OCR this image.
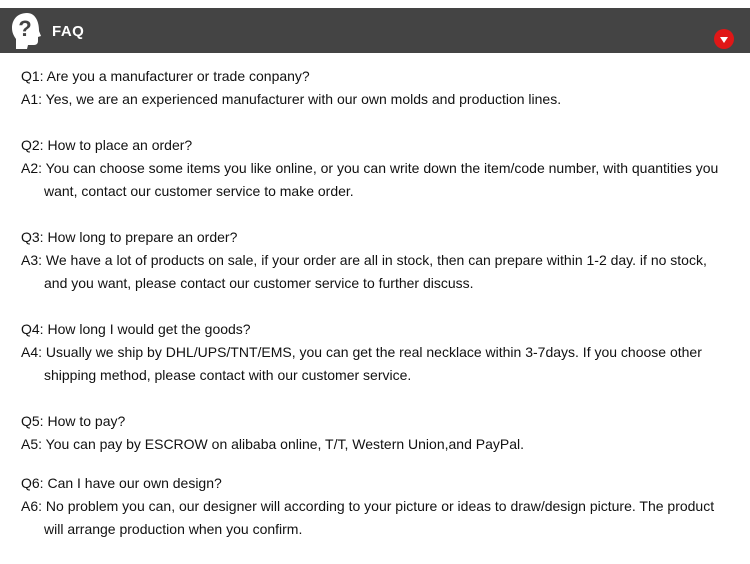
? FAQ
Q1: Are you a manufacturer or trade conpany?
A1: Yes, we are an experienced manufacturer with our own molds and production lines.
Q2: How to place an order?
A2: You can choose some items you like online, or you can write down the item/code number, with quantities you
want, contact our customer service to make order.
Q3: How long to prepare an order?
A3: We have a lot of products on sale, if your order are all in stock, then can prepare within 1-2 day. if no stock,
and you want, please contact our customer service to further discuss.
Q4: How long I would get the goods?
A4: Usually we ship by DHL/UPS/TNT/EMS, you can get the real necklace within 3-7days. If you choose other
shipping method, please contact with our customer service.
Q5: How to pay?
A5: You can pay by ESCROW on alibaba online, T/T, Western Union,and PayPal.
Q6: Can I have our own design?
A6: No problem you can, our designer will according to your picture or ideas to draw/design picture. The product
will arrange production when you confirm.
